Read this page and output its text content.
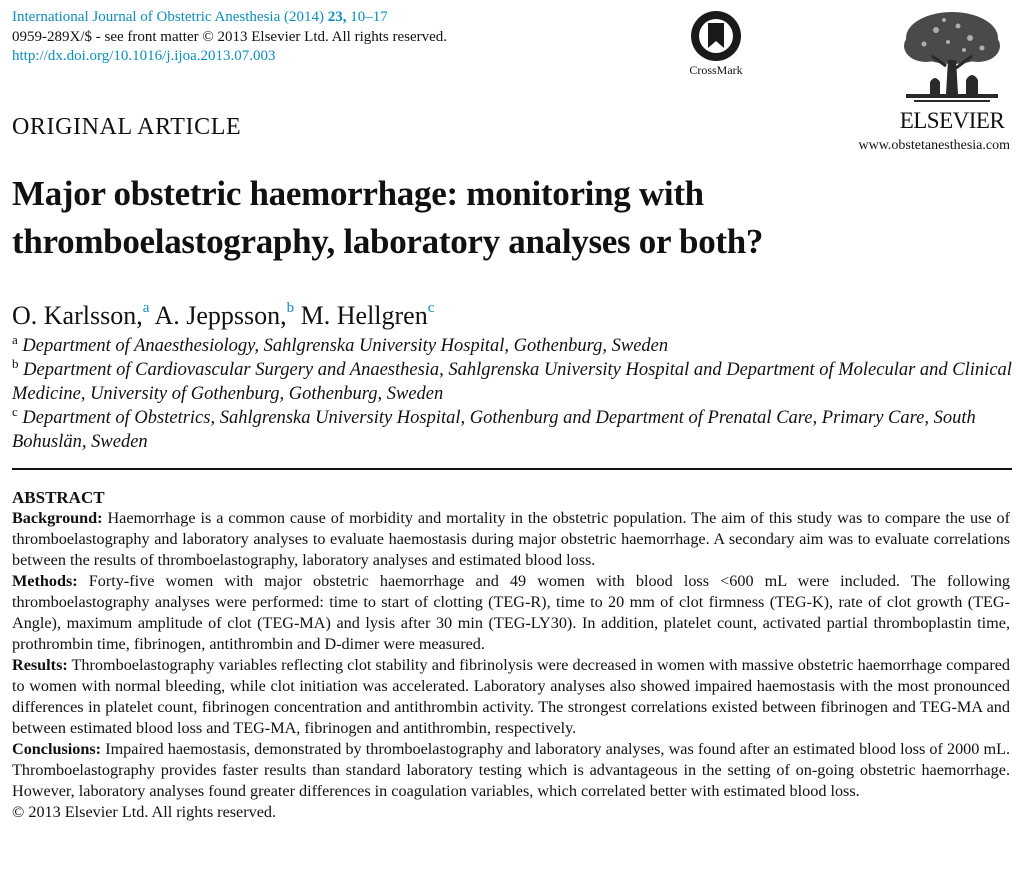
International Journal of Obstetric Anesthesia (2014) 23, 10–17
0959-289X/$ - see front matter © 2013 Elsevier Ltd. All rights reserved.
http://dx.doi.org/10.1016/j.ijoa.2013.07.003
CrossMark
ELSEVIER
www.obstetanesthesia.com
ORIGINAL ARTICLE
Major obstetric haemorrhage: monitoring with thromboelastography, laboratory analyses or both?
O. Karlsson,$^a$ A. Jeppsson,$^b$ M. Hellgren$^c$
$^a$ Department of Anaesthesiology, Sahlgrenska University Hospital, Gothenburg, Sweden
$^b$ Department of Cardiovascular Surgery and Anaesthesia, Sahlgrenska University Hospital and Department of Molecular and Clinical Medicine, University of Gothenburg, Gothenburg, Sweden
$^c$ Department of Obstetrics, Sahlgrenska University Hospital, Gothenburg and Department of Prenatal Care, Primary Care, South Bohuslän, Sweden
ABSTRACT

Background: Haemorrhage is a common cause of morbidity and mortality in the obstetric population. The aim of this study was to compare the use of thromboelastography and laboratory analyses to evaluate haemostasis during major obstetric haemorrhage. A secondary aim was to evaluate correlations between the results of thromboelastography, laboratory analyses and estimated blood loss.

Methods: Forty-five women with major obstetric haemorrhage and 49 women with blood loss <600 mL were included. The following thromboelastography analyses were performed: time to start of clotting (TEG-R), time to 20 mm of clot firmness (TEG-K), rate of clot growth (TEG-Angle), maximum amplitude of clot (TEG-MA) and lysis after 30 min (TEG-LY30). In addition, platelet count, activated partial thromboplastin time, prothrombin time, fibrinogen, antithrombin and D-dimer were measured.

Results: Thromboelastography variables reflecting clot stability and fibrinolysis were decreased in women with massive obstetric haemorrhage compared to women with normal bleeding, while clot initiation was accelerated. Laboratory analyses also showed impaired haemostasis with the most pronounced differences in platelet count, fibrinogen concentration and antithrombin activity. The strongest correlations existed between fibrinogen and TEG-MA and between estimated blood loss and TEG-MA, fibrinogen and antithrombin, respectively.

Conclusions: Impaired haemostasis, demonstrated by thromboelastography and laboratory analyses, was found after an estimated blood loss of 2000 mL. Thromboelastography provides faster results than standard laboratory testing which is advantageous in the setting of on-going obstetric haemorrhage. However, laboratory analyses found greater differences in coagulation variables, which correlated better with estimated blood loss.

© 2013 Elsevier Ltd. All rights reserved.
